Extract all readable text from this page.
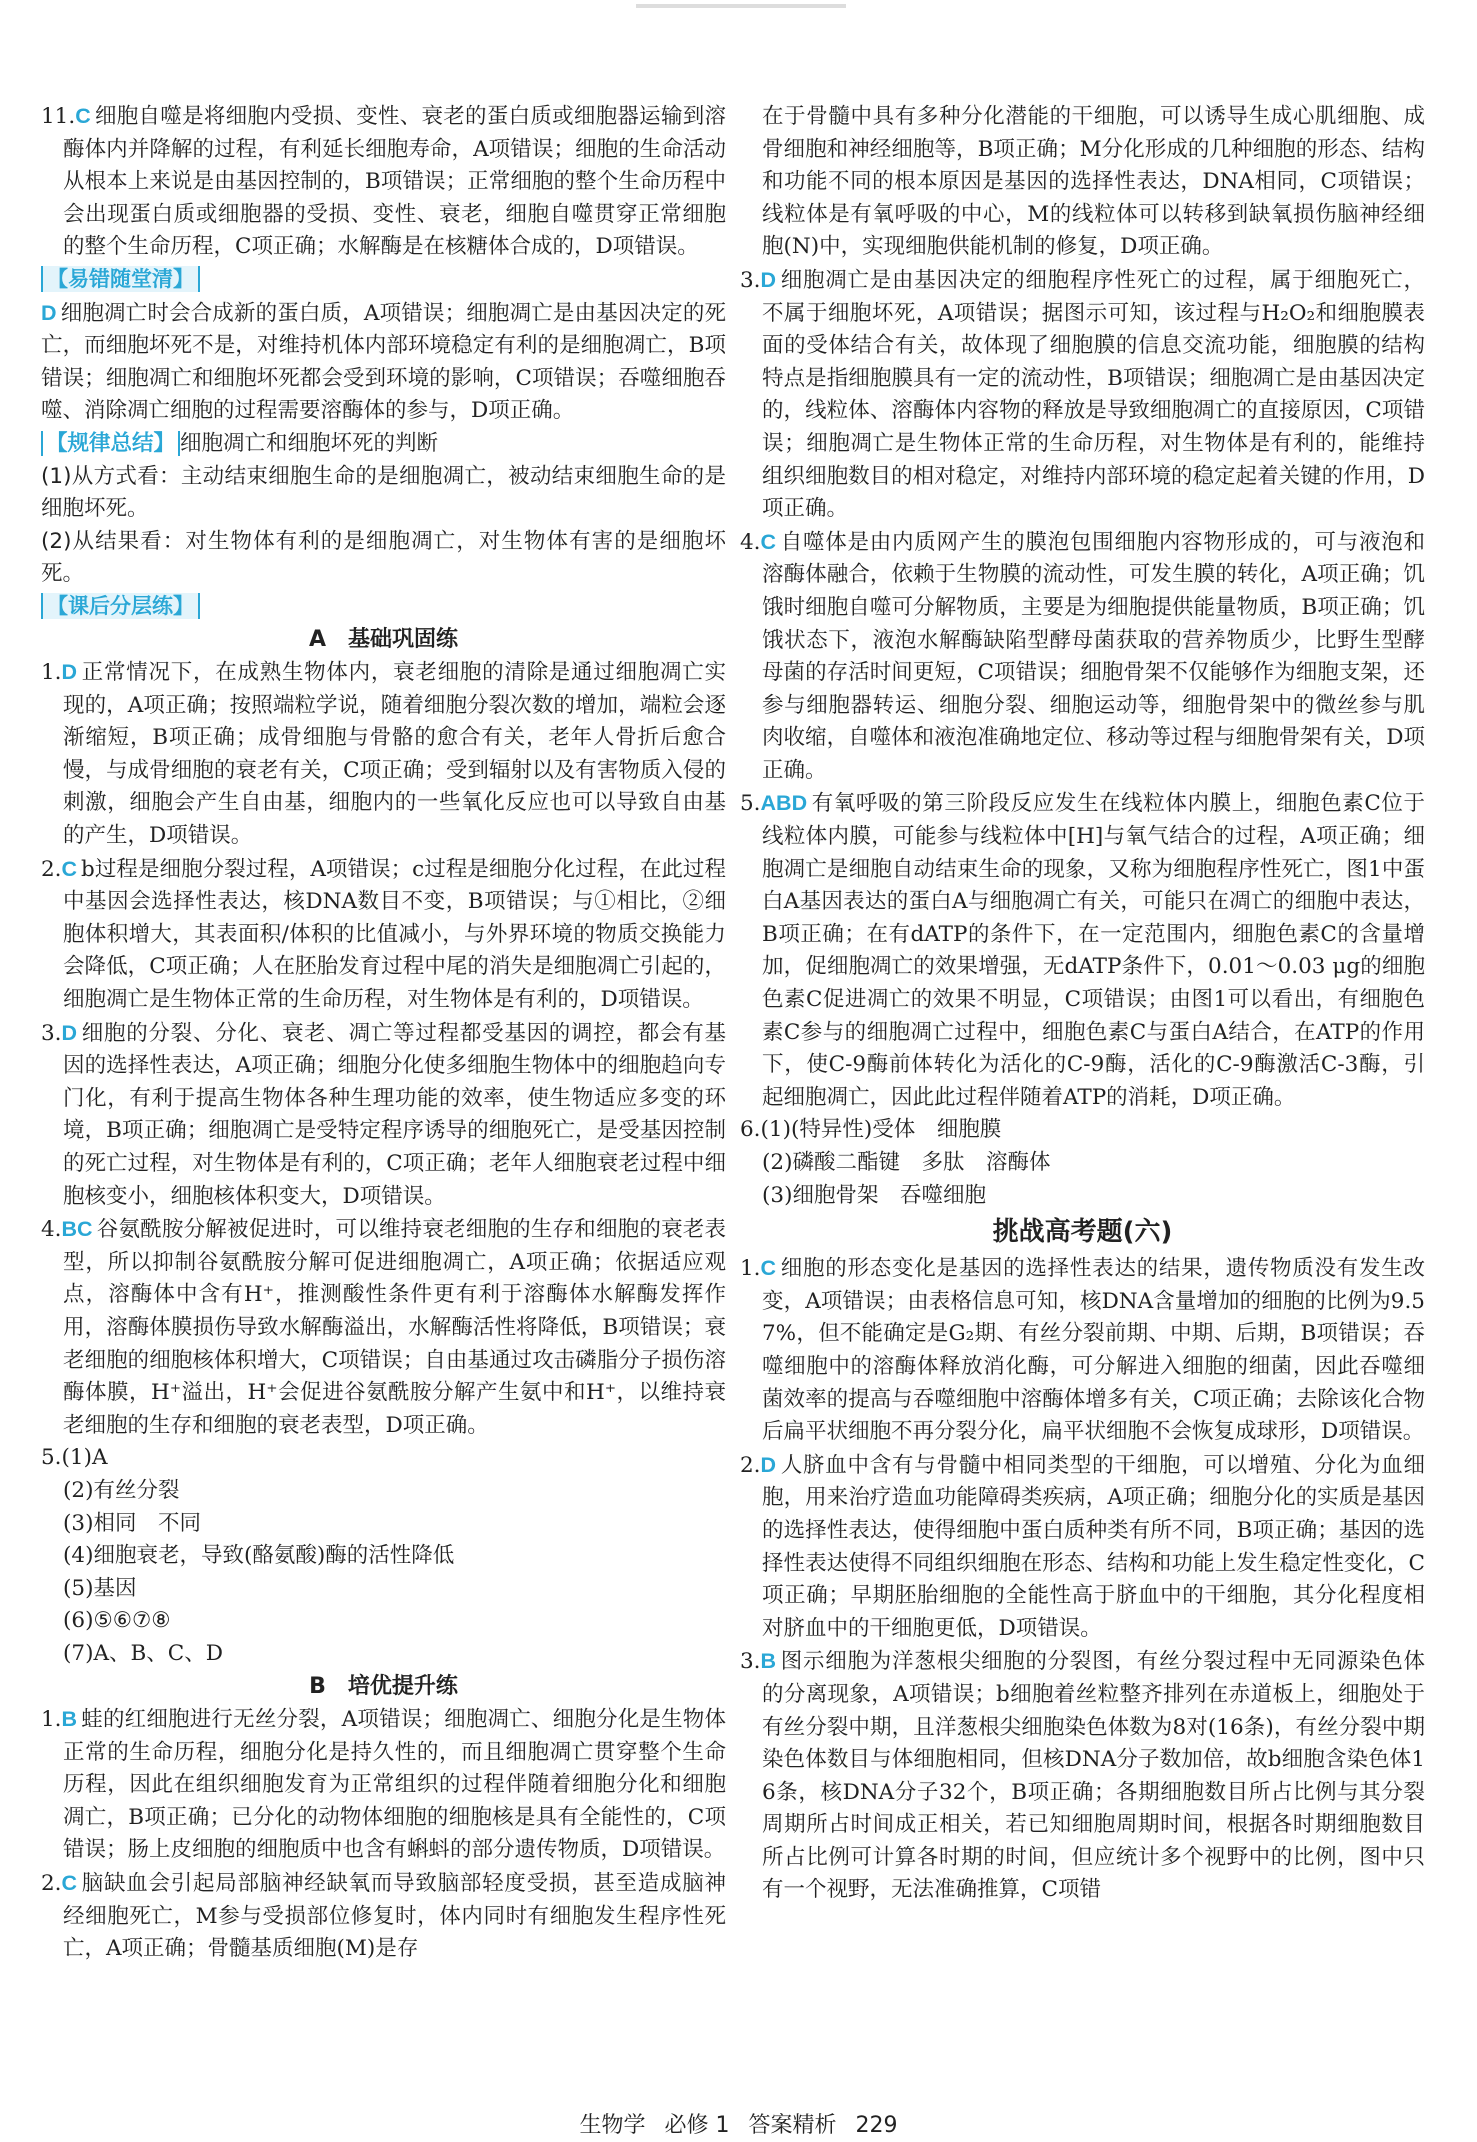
11.C 细胞自噬是将细胞内受损、变性、衰老的蛋白质或细胞器运输到溶酶体内并降解的过程，有利延长细胞寿命，A项错误；细胞的生命活动从根本上来说是由基因控制的，B项错误；正常细胞的整个生命历程中会出现蛋白质或细胞器的受损、变性、衰老，细胞自噬贯穿正常细胞的整个生命历程，C项正确；水解酶是在核糖体合成的，D项错误。
【易错随堂清】
D 细胞凋亡时会合成新的蛋白质，A项错误；细胞凋亡是由基因决定的死亡，而细胞坏死不是，对维持机体内部环境稳定有利的是细胞凋亡，B项错误；细胞凋亡和细胞坏死都会受到环境的影响，C项错误；吞噬细胞吞噬、消除凋亡细胞的过程需要溶酶体的参与，D项正确。
【规律总结】 细胞凋亡和细胞坏死的判断
(1)从方式看：主动结束细胞生命的是细胞凋亡，被动结束细胞生命的是细胞坏死。
(2)从结果看：对生物体有利的是细胞凋亡，对生物体有害的是细胞坏死。
【课后分层练】
A　基础巩固练
1.D 正常情况下，在成熟生物体内，衰老细胞的清除是通过细胞凋亡实现的，A项正确；按照端粒学说，随着细胞分裂次数的增加，端粒会逐渐缩短，B项正确；成骨细胞与骨骼的愈合有关，老年人骨折后愈合慢，与成骨细胞的衰老有关，C项正确；受到辐射以及有害物质入侵的刺激，细胞会产生自由基，细胞内的一些氧化反应也可以导致自由基的产生，D项错误。
2.C b过程是细胞分裂过程，A项错误；c过程是细胞分化过程，在此过程中基因会选择性表达，核DNA数目不变，B项错误；与①相比，②细胞体积增大，其表面积/体积的比值减小，与外界环境的物质交换能力会降低，C项正确；人在胚胎发育过程中尾的消失是细胞凋亡引起的，细胞凋亡是生物体正常的生命历程，对生物体是有利的，D项错误。
3.D 细胞的分裂、分化、衰老、凋亡等过程都受基因的调控，都会有基因的选择性表达，A项正确；细胞分化使多细胞生物体中的细胞趋向专门化，有利于提高生物体各种生理功能的效率，使生物适应多变的环境，B项正确；细胞凋亡是受特定程序诱导的细胞死亡，是受基因控制的死亡过程，对生物体是有利的，C项正确；老年人细胞衰老过程中细胞核变小，细胞核体积变大，D项错误。
4.BC 谷氨酰胺分解被促进时，可以维持衰老细胞的生存和细胞的衰老表型，所以抑制谷氨酰胺分解可促进细胞凋亡，A项正确；依据适应观点，溶酶体中含有H⁺，推测酸性条件更有利于溶酶体水解酶发挥作用，溶酶体膜损伤导致水解酶溢出，水解酶活性将降低，B项错误；衰老细胞的细胞核体积增大，C项错误；自由基通过攻击磷脂分子损伤溶酶体膜，H⁺溢出，H⁺会促进谷氨酰胺分解产生氨中和H⁺，以维持衰老细胞的生存和细胞的衰老表型，D项正确。
5.(1)A
(2)有丝分裂
(3)相同　不同
(4)细胞衰老，导致(酪氨酸)酶的活性降低
(5)基因
(6)⑤⑥⑦⑧
(7)A、B、C、D
B　培优提升练
1.B 蛙的红细胞进行无丝分裂，A项错误；细胞凋亡、细胞分化是生物体正常的生命历程，细胞分化是持久性的，而且细胞凋亡贯穿整个生命历程，因此在组织细胞发育为正常组织的过程伴随着细胞分化和细胞凋亡，B项正确；已分化的动物体细胞的细胞核是具有全能性的，C项错误；肠上皮细胞的细胞质中也含有蝌蚪的部分遗传物质，D项错误。
2.C 脑缺血会引起局部脑神经缺氧而导致脑部轻度受损，甚至造成脑神经细胞死亡，M参与受损部位修复时，体内同时有细胞发生程序性死亡，A项正确；骨髓基质细胞(M)是存
在于骨髓中具有多种分化潜能的干细胞，可以诱导生成心肌细胞、成骨细胞和神经细胞等，B项正确；M分化形成的几种细胞的形态、结构和功能不同的根本原因是基因的选择性表达，DNA相同，C项错误；线粒体是有氧呼吸的中心，M的线粒体可以转移到缺氧损伤脑神经细胞(N)中，实现细胞供能机制的修复，D项正确。
3.D 细胞凋亡是由基因决定的细胞程序性死亡的过程，属于细胞死亡，不属于细胞坏死，A项错误；据图示可知，该过程与H₂O₂和细胞膜表面的受体结合有关，故体现了细胞膜的信息交流功能，细胞膜的结构特点是指细胞膜具有一定的流动性，B项错误；细胞凋亡是由基因决定的，线粒体、溶酶体内容物的释放是导致细胞凋亡的直接原因，C项错误；细胞凋亡是生物体正常的生命历程，对生物体是有利的，能维持组织细胞数目的相对稳定，对维持内部环境的稳定起着关键的作用，D项正确。
4.C 自噬体是由内质网产生的膜泡包围细胞内容物形成的，可与液泡和溶酶体融合，依赖于生物膜的流动性，可发生膜的转化，A项正确；饥饿时细胞自噬可分解物质，主要是为细胞提供能量物质，B项正确；饥饿状态下，液泡水解酶缺陷型酵母菌获取的营养物质少，比野生型酵母菌的存活时间更短，C项错误；细胞骨架不仅能够作为细胞支架，还参与细胞器转运、细胞分裂、细胞运动等，细胞骨架中的微丝参与肌肉收缩，自噬体和液泡准确地定位、移动等过程与细胞骨架有关，D项正确。
5.ABD 有氧呼吸的第三阶段反应发生在线粒体内膜上，细胞色素C位于线粒体内膜，可能参与线粒体中[H]与氧气结合的过程，A项正确；细胞凋亡是细胞自动结束生命的现象，又称为细胞程序性死亡，图1中蛋白A基因表达的蛋白A与细胞凋亡有关，可能只在凋亡的细胞中表达，B项正确；在有dATP的条件下，在一定范围内，细胞色素C的含量增加，促细胞凋亡的效果增强，无dATP条件下，0.01～0.03 μg的细胞色素C促进凋亡的效果不明显，C项错误；由图1可以看出，有细胞色素C参与的细胞凋亡过程中，细胞色素C与蛋白A结合，在ATP的作用下，使C-9酶前体转化为活化的C-9酶，活化的C-9酶激活C-3酶，引起细胞凋亡，因此此过程伴随着ATP的消耗，D项正确。
6.(1)(特异性)受体　细胞膜
(2)磷酸二酯键　多肽　溶酶体
(3)细胞骨架　吞噬细胞
挑战高考题(六)
1.C 细胞的形态变化是基因的选择性表达的结果，遗传物质没有发生改变，A项错误；由表格信息可知，核DNA含量增加的细胞的比例为9.57%，但不能确定是G₂期、有丝分裂前期、中期、后期，B项错误；吞噬细胞中的溶酶体释放消化酶，可分解进入细胞的细菌，因此吞噬细菌效率的提高与吞噬细胞中溶酶体增多有关，C项正确；去除该化合物后扁平状细胞不再分裂分化，扁平状细胞不会恢复成球形，D项错误。
2.D 人脐血中含有与骨髓中相同类型的干细胞，可以增殖、分化为血细胞，用来治疗造血功能障碍类疾病，A项正确；细胞分化的实质是基因的选择性表达，使得细胞中蛋白质种类有所不同，B项正确；基因的选择性表达使得不同组织细胞在形态、结构和功能上发生稳定性变化，C项正确；早期胚胎细胞的全能性高于脐血中的干细胞，其分化程度相对脐血中的干细胞更低，D项错误。
3.B 图示细胞为洋葱根尖细胞的分裂图，有丝分裂过程中无同源染色体的分离现象，A项错误；b细胞着丝粒整齐排列在赤道板上，细胞处于有丝分裂中期，且洋葱根尖细胞染色体数为8对(16条)，有丝分裂中期染色体数目与体细胞相同，但核DNA分子数加倍，故b细胞含染色体16条，核DNA分子32个，B项正确；各期细胞数目所占比例与其分裂周期所占时间成正相关，若已知细胞周期时间，根据各时期细胞数目所占比例可计算各时期的时间，但应统计多个视野中的比例，图中只有一个视野，无法准确推算，C项错
生物学 必修 1 答案精析 229
